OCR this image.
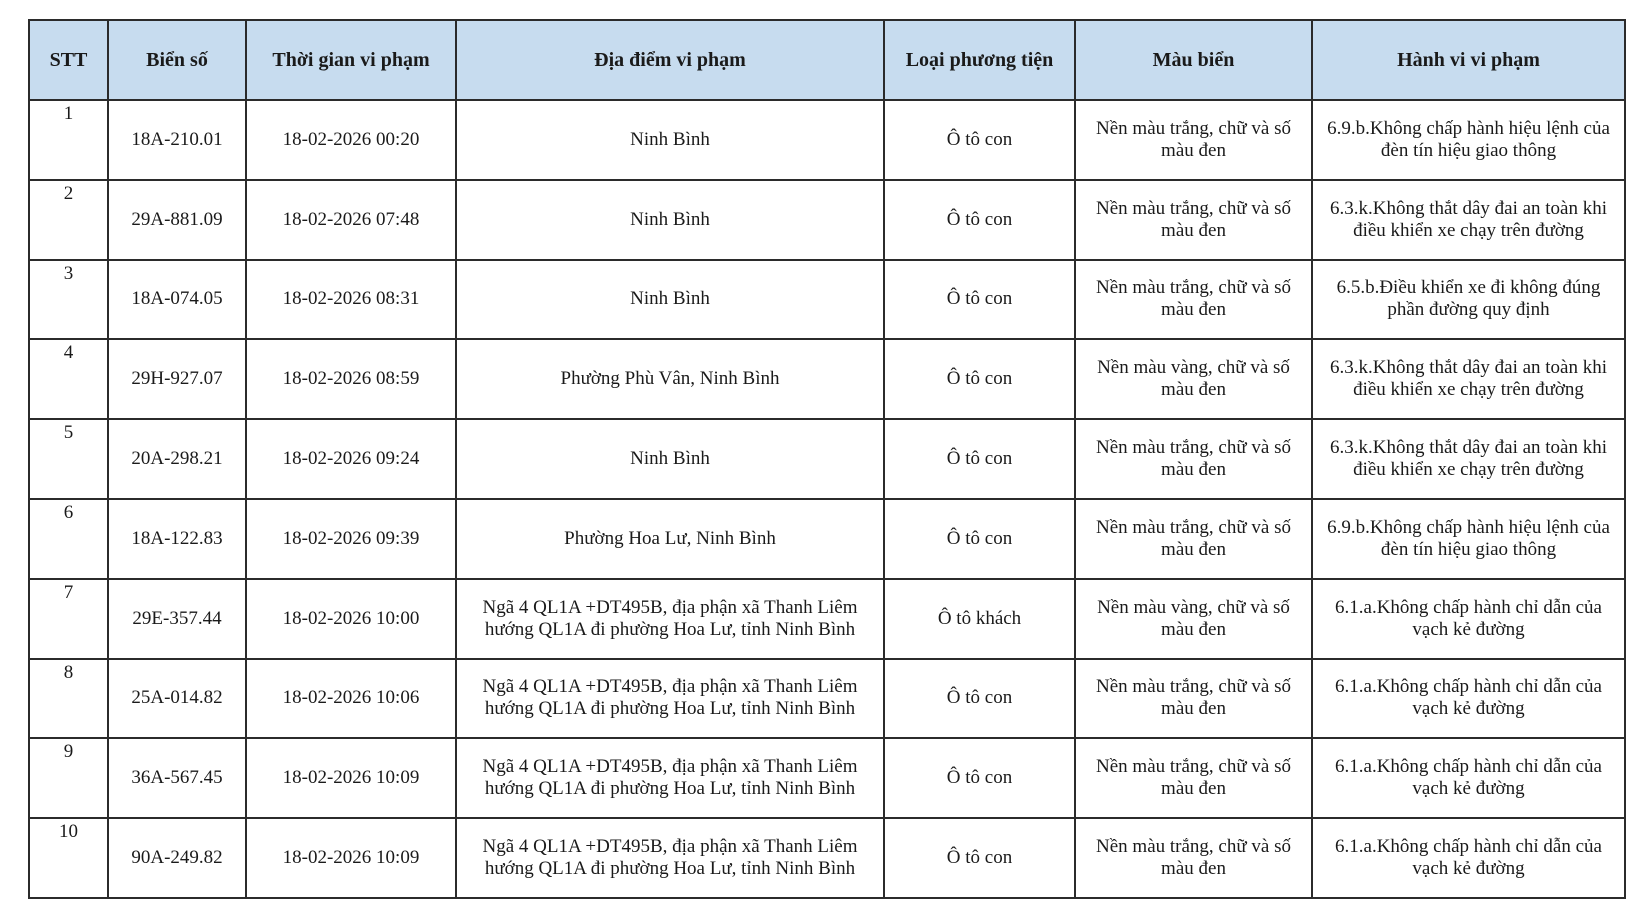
STT	Biển số	Thời gian vi phạm	Địa điểm vi phạm	Loại phương tiện	Màu biển	Hành vi vi phạm

1	18A-210.01	18-02-2026 00:20	Ninh Bình	Ô tô con	Nền màu trắng, chữ và số màu đen	6.9.b.Không chấp hành hiệu lệnh của đèn tín hiệu giao thông

2	29A-881.09	18-02-2026 07:48	Ninh Bình	Ô tô con	Nền màu trắng, chữ và số màu đen	6.3.k.Không thắt dây đai an toàn khi điều khiển xe chạy trên đường

3	18A-074.05	18-02-2026 08:31	Ninh Bình	Ô tô con	Nền màu trắng, chữ và số màu đen	6.5.b.Điều khiển xe đi không đúng phần đường quy định

4	29H-927.07	18-02-2026 08:59	Phường Phù Vân, Ninh Bình	Ô tô con	Nền màu vàng, chữ và số màu đen	6.3.k.Không thắt dây đai an toàn khi điều khiển xe chạy trên đường

5	20A-298.21	18-02-2026 09:24	Ninh Bình	Ô tô con	Nền màu trắng, chữ và số màu đen	6.3.k.Không thắt dây đai an toàn khi điều khiển xe chạy trên đường

6	18A-122.83	18-02-2026 09:39	Phường Hoa Lư, Ninh Bình	Ô tô con	Nền màu trắng, chữ và số màu đen	6.9.b.Không chấp hành hiệu lệnh của đèn tín hiệu giao thông

7	29E-357.44	18-02-2026 10:00	Ngã 4 QL1A +DT495B, địa phận xã Thanh Liêm hướng QL1A đi phường Hoa Lư, tỉnh Ninh Bình	Ô tô khách	Nền màu vàng, chữ và số màu đen	6.1.a.Không chấp hành chỉ dẫn của vạch kẻ đường

8	25A-014.82	18-02-2026 10:06	Ngã 4 QL1A +DT495B, địa phận xã Thanh Liêm hướng QL1A đi phường Hoa Lư, tỉnh Ninh Bình	Ô tô con	Nền màu trắng, chữ và số màu đen	6.1.a.Không chấp hành chỉ dẫn của vạch kẻ đường

9	36A-567.45	18-02-2026 10:09	Ngã 4 QL1A +DT495B, địa phận xã Thanh Liêm hướng QL1A đi phường Hoa Lư, tỉnh Ninh Bình	Ô tô con	Nền màu trắng, chữ và số màu đen	6.1.a.Không chấp hành chỉ dẫn của vạch kẻ đường

10	90A-249.82	18-02-2026 10:09	Ngã 4 QL1A +DT495B, địa phận xã Thanh Liêm hướng QL1A đi phường Hoa Lư, tỉnh Ninh Bình	Ô tô con	Nền màu trắng, chữ và số màu đen	6.1.a.Không chấp hành chỉ dẫn của vạch kẻ đường
